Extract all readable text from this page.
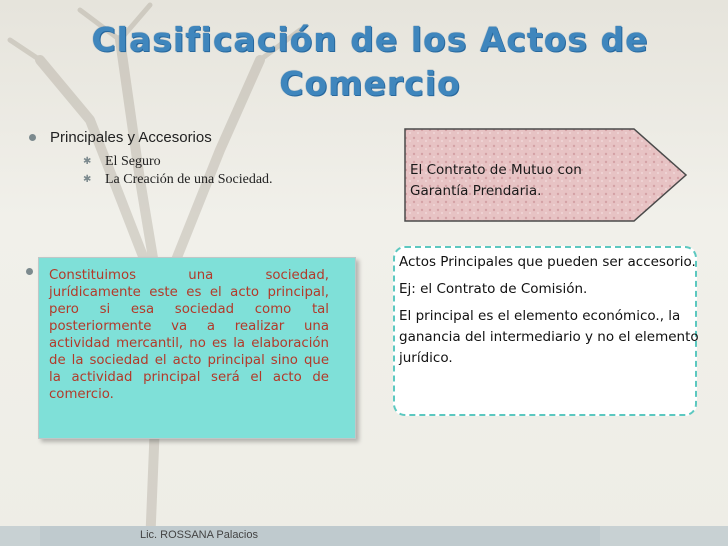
Clasificación de los Actos de
Comercio
Principales y Accesorios
✱ El Seguro
✱ La Creación de una Sociedad.
El Contrato de Mutuo con
Garantía Prendaria.
Constituimos una sociedad, jurídicamente este es el acto principal, pero si esa sociedad como tal posteriormente va a realizar una actividad mercantil, no es la elaboración de la sociedad el acto principal sino que la actividad principal será el acto de comercio.

Actos Principales que pueden ser accesorio.

Ej: el Contrato de Comisión.

El principal es el elemento económico., la ganancia del intermediario y no el elemento jurídico.

Lic. ROSSANA Palacios
